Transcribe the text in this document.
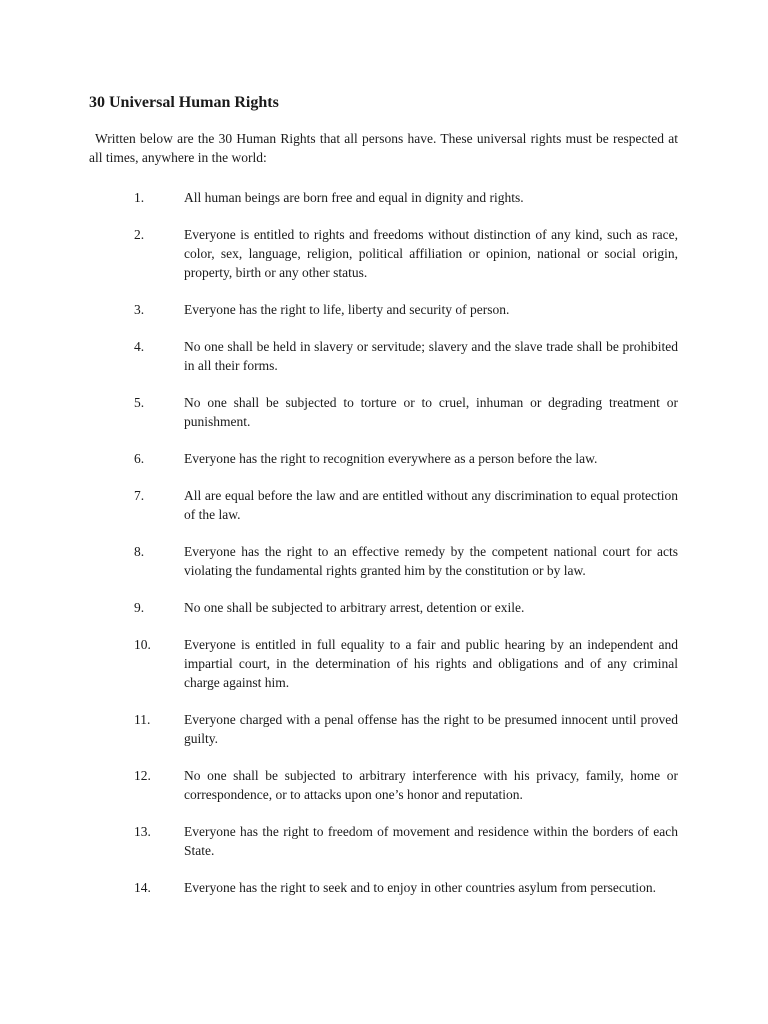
30 Universal Human Rights

Written below are the 30 Human Rights that all persons have. These universal rights must be respected at all times, anywhere in the world:

1.	All human beings are born free and equal in dignity and rights.
2.	Everyone is entitled to rights and freedoms without distinction of any kind, such as race, color, sex, language, religion, political affiliation or opinion, national or social origin, property, birth or any other status.
3.	Everyone has the right to life, liberty and security of person.
4.	No one shall be held in slavery or servitude; slavery and the slave trade shall be prohibited in all their forms.
5.	No one shall be subjected to torture or to cruel, inhuman or degrading treatment or punishment.
6.	Everyone has the right to recognition everywhere as a person before the law.
7.	All are equal before the law and are entitled without any discrimination to equal protection of the law.
8.	Everyone has the right to an effective remedy by the competent national court for acts violating the fundamental rights granted him by the constitution or by law.
9.	No one shall be subjected to arbitrary arrest, detention or exile.
10.	Everyone is entitled in full equality to a fair and public hearing by an independent and impartial court, in the determination of his rights and obligations and of any criminal charge against him.
11.	Everyone charged with a penal offense has the right to be presumed innocent until proved guilty.
12.	No one shall be subjected to arbitrary interference with his privacy, family, home or correspondence, or to attacks upon one’s honor and reputation.
13.	Everyone has the right to freedom of movement and residence within the borders of each State.
14.	Everyone has the right to seek and to enjoy in other countries asylum from persecution.
